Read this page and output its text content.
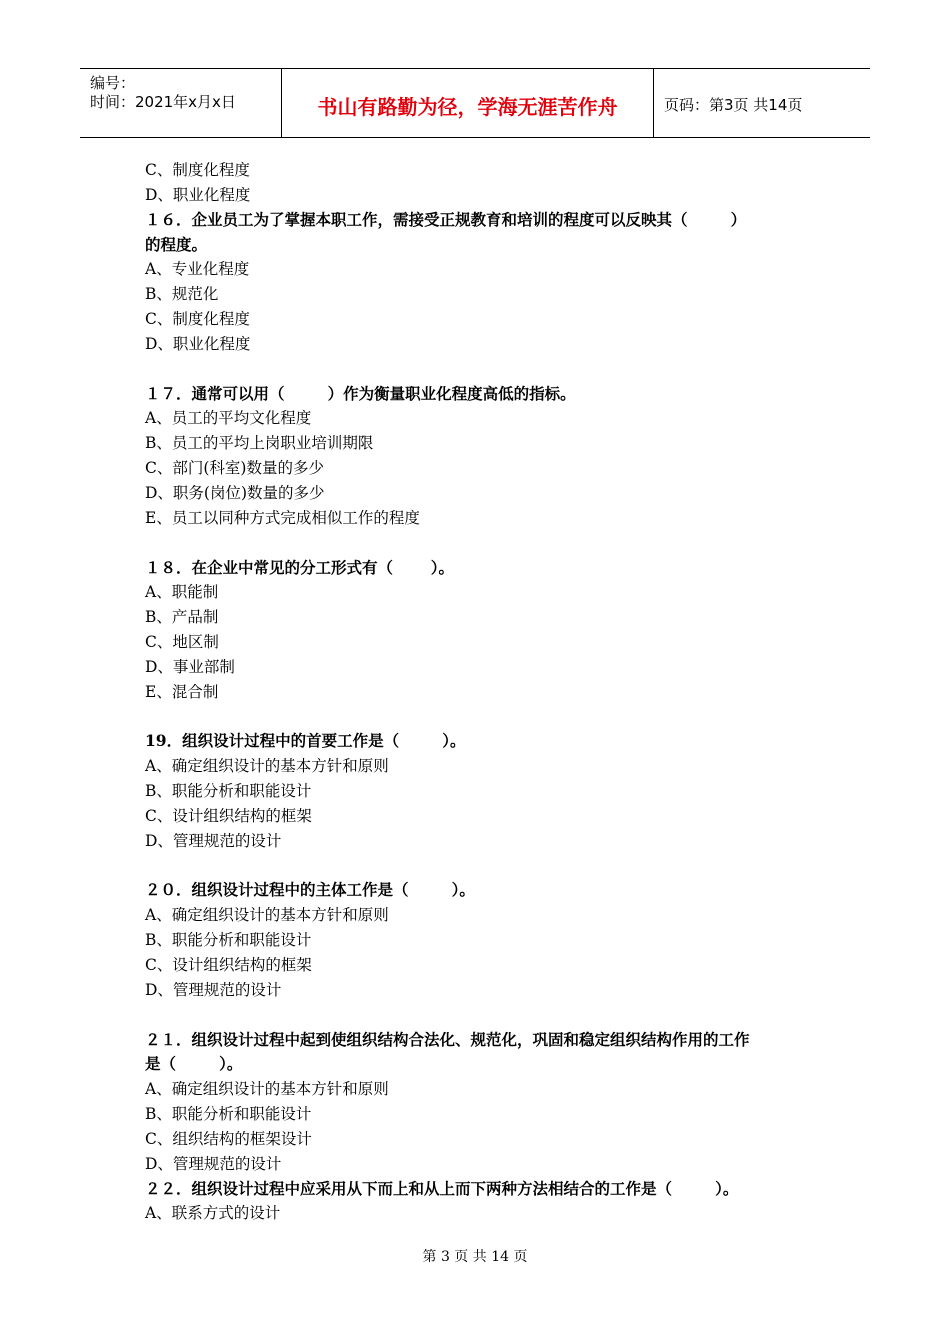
编号：
时间：2021年x月x日	书山有路勤为径，学海无涯苦作舟	页码：第3页 共14页
C、制度化程度
D、职业化程度
１６．企业员工为了掌握本职工作，需接受正规教育和培训的程度可以反映其（        ）
的程度。
A、专业化程度
B、规范化
C、制度化程度
D、职业化程度
１７．通常可以用（        ）作为衡量职业化程度高低的指标。
A、员工的平均文化程度
B、员工的平均上岗职业培训期限
C、部门(科室)数量的多少
D、职务(岗位)数量的多少
E、员工以同种方式完成相似工作的程度
１８．在企业中常见的分工形式有（       ）。
A、职能制
B、产品制
C、地区制
D、事业部制
E、混合制
19．组织设计过程中的首要工作是（        ）。
A、确定组织设计的基本方针和原则
B、职能分析和职能设计
C、设计组织结构的框架
D、管理规范的设计
２０．组织设计过程中的主体工作是（        ）。
A、确定组织设计的基本方针和原则
B、职能分析和职能设计
C、设计组织结构的框架
D、管理规范的设计
２１．组织设计过程中起到使组织结构合法化、规范化，巩固和稳定组织结构作用的工作
是（        ）。
A、确定组织设计的基本方针和原则
B、职能分析和职能设计
C、组织结构的框架设计
D、管理规范的设计
２２．组织设计过程中应采用从下而上和从上而下两种方法相结合的工作是（        ）。
A、联系方式的设计
第 3 页 共 14 页
